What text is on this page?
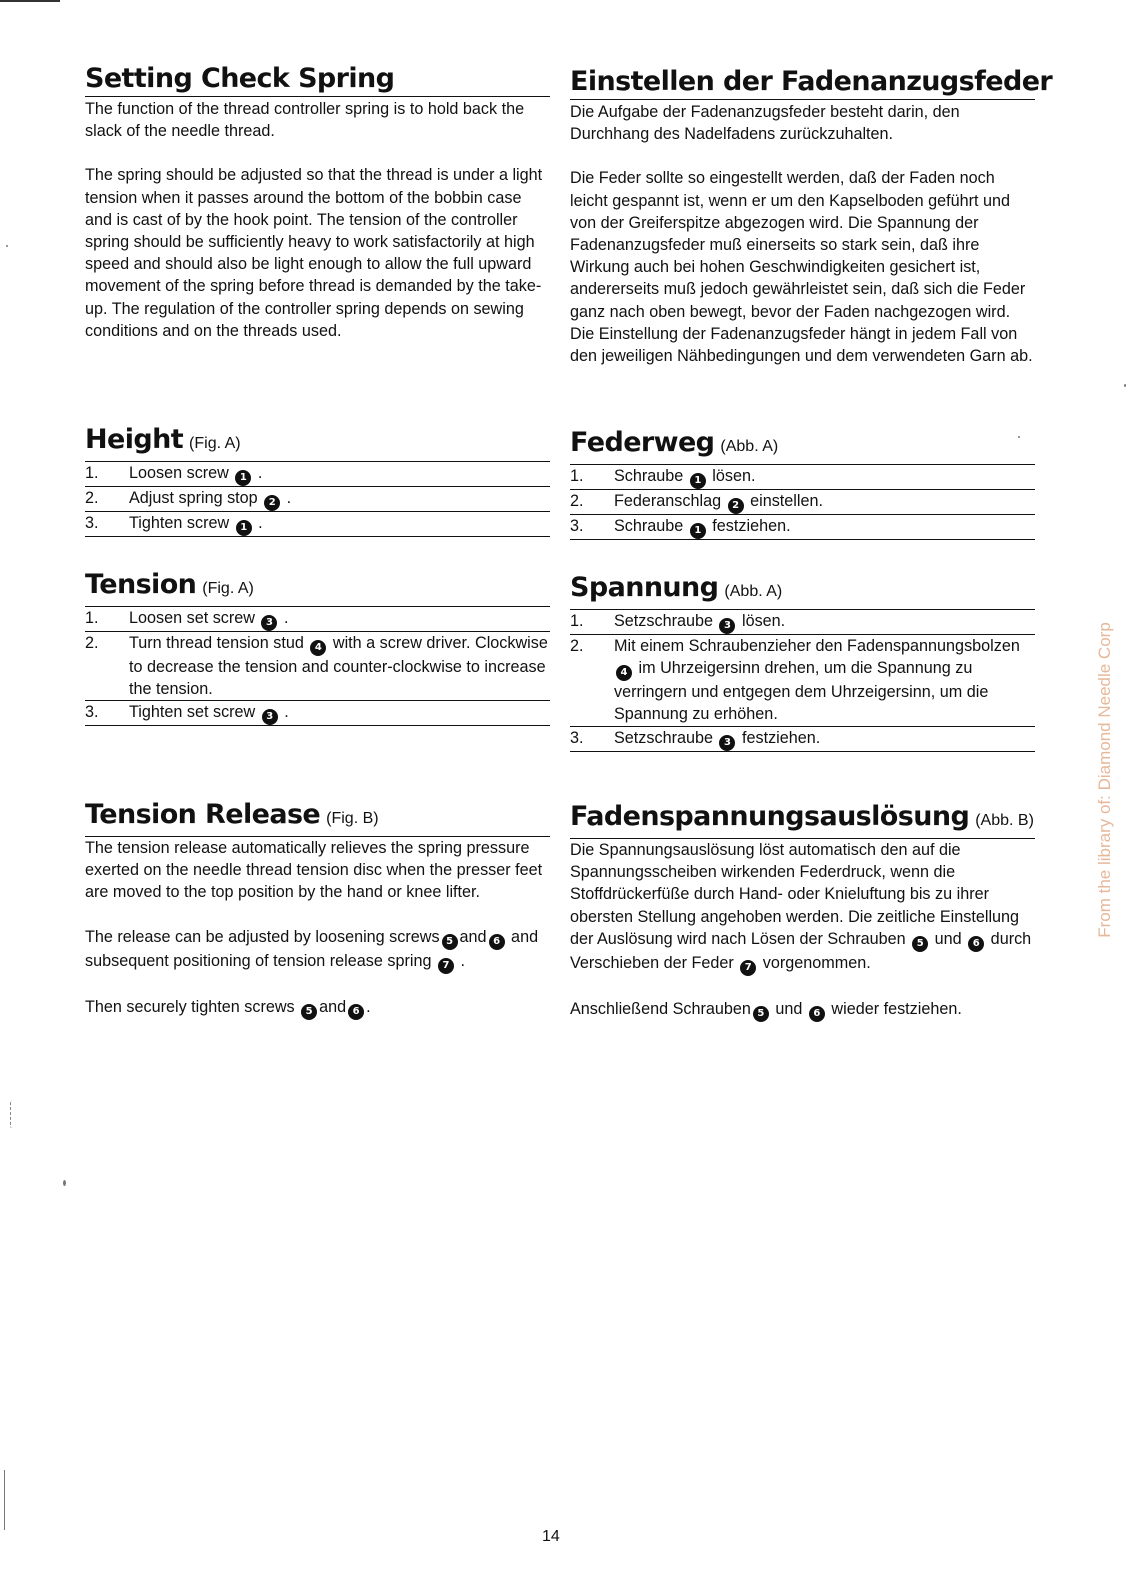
Setting Check Spring

The function of the thread controller spring is to hold back the slack of the needle thread.

The spring should be adjusted so that the thread is under a light tension when it passes around the bottom of the bobbin case and is cast of by the hook point. The tension of the controller spring should be sufficiently heavy to work satisfactorily at high speed and should also be light enough to allow the full upward movement of the spring before thread is demanded by the take-up. The regulation of the controller spring depends on sewing conditions and on the threads used.

Height (Fig. A)
1.	Loosen screw 1 .
2.	Adjust spring stop 2 .
3.	Tighten screw 1 .
Tension (Fig. A)
1.	Loosen set screw 3 .
2.	Turn thread tension stud 4 with a screw driver. Clockwise to decrease the tension and counter-clockwise to increase the tension.
3.	Tighten set screw 3 .
Tension Release (Fig. B)

The tension release automatically relieves the spring pressure exerted on the needle thread tension disc when the presser feet are moved to the top position by the hand or knee lifter.

The release can be adjusted by loosening screws 5 and 6 and subsequent positioning of tension release spring 7 .

Then securely tighten screws 5 and 6 .

Einstellen der Fadenanzugsfeder

Die Aufgabe der Fadenanzugsfeder besteht darin, den Durchhang des Nadelfadens zurückzuhalten.

Die Feder sollte so eingestellt werden, daß der Faden noch leicht gespannt ist, wenn er um den Kapselboden geführt und von der Greiferspitze abgezogen wird. Die Spannung der Fadenanzugsfeder muß einerseits so stark sein, daß ihre Wirkung auch bei hohen Geschwindigkeiten gesichert ist, andererseits muß jedoch gewährleistet sein, daß sich die Feder ganz nach oben bewegt, bevor der Faden nachgezogen wird. Die Einstellung der Fadenanzugsfeder hängt in jedem Fall von den jeweiligen Nähbedingungen und dem verwendeten Garn ab.

Federweg (Abb. A)
1.	Schraube 1 lösen.
2.	Federanschlag 2 einstellen.
3.	Schraube 1 festziehen.
Spannung (Abb. A)
1.	Setzschraube 3 lösen.
2.	Mit einem Schraubenzieher den Fadenspannungsbolzen 4 im Uhrzeigersinn drehen, um die Spannung zu verringern und entgegen dem Uhrzeigersinn, um die Spannung zu erhöhen.
3.	Setzschraube 3 festziehen.
Fadenspannungsauslösung (Abb. B)

Die Spannungsauslösung löst automatisch den auf die Spannungsscheiben wirkenden Federdruck, wenn die Stoffdrückerfüße durch Hand- oder Knieluftung bis zu ihrer obersten Stellung angehoben werden. Die zeitliche Einstellung der Auslösung wird nach Lösen der Schrauben 5 und 6 durch Verschieben der Feder 7 vorgenommen.

Anschließend Schrauben 5 und 6 wieder festziehen.

From the library of: Diamond Needle Corp
14
